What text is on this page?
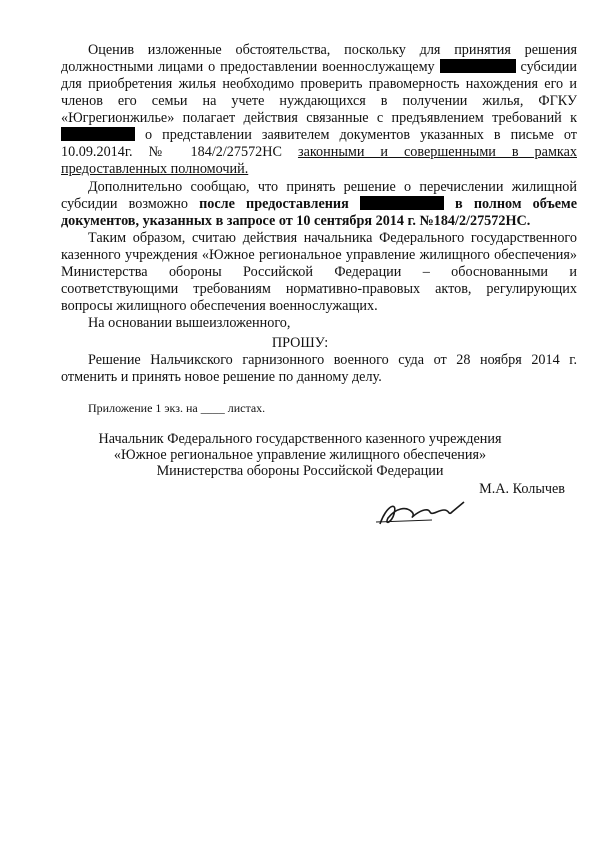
Оценив изложенные обстоятельства, поскольку для принятия решения
должностными лицами о предоставлении военнослужащему	субсидии
для приобретения жилья необходимо проверить правомерность нахождения его и
членов его семьи на учете нуждающихся в получении жилья, ФГКУ
«Югрегионжилье» полагает действия связанные с предъявлением требований к
о представлении заявителем документов указанных в письме от
10.09.2014г. № 184/2/27572НС законными и совершенными в рамках
предоставленных полномочий.
Дополнительно сообщаю, что принять решение о перечислении жилищной
субсидии возможно после предоставления	в полном объеме
документов, указанных в запросе от 10 сентября 2014 г. №184/2/27572НС.
Таким образом, считаю действия начальника Федерального государственного
казенного учреждения «Южное региональное управление жилищного обеспечения»
Министерства обороны Российской Федерации – обоснованными и
соответствующими требованиям нормативно-правовых актов, регулирующих
вопросы жилищного обеспечения военнослужащих.
На основании вышеизложенного,
ПРОШУ:
Решение Нальчикского гарнизонного военного суда от 28 ноября 2014 г.
отменить и принять новое решение по данному делу.
Приложение 1 экз. на ____ листах.
Начальник Федерального государственного казенного учреждения
«Южное региональное управление жилищного обеспечения»
Министерства обороны Российской Федерации
М.А. Колычев
